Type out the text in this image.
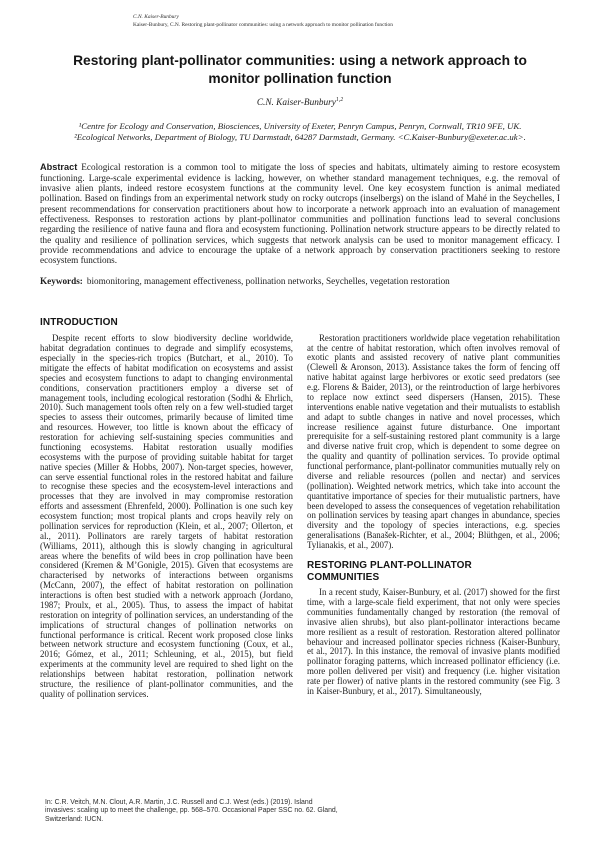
C.N. Kaiser-Bunbury
Kaiser-Bunbury, C.N. Restoring plant-pollinator communities: using a network approach to monitor pollination function
Restoring plant-pollinator communities: using a network approach to monitor pollination function
C.N. Kaiser-Bunbury$^{1,2}$
¹Centre for Ecology and Conservation, Biosciences, University of Exeter, Penryn Campus, Penryn, Cornwall, TR10 9FE, UK. ²Ecological Networks, Department of Biology, TU Darmstadt, 64287 Darmstadt, Germany. <C.Kaiser-Bunbury@exeter.ac.uk>.
Abstract Ecological restoration is a common tool to mitigate the loss of species and habitats, ultimately aiming to restore ecosystem functioning. Large-scale experimental evidence is lacking, however, on whether standard management techniques, e.g. the removal of invasive alien plants, indeed restore ecosystem functions at the community level. One key ecosystem function is animal mediated pollination. Based on findings from an experimental network study on rocky outcrops (inselbergs) on the island of Mahé in the Seychelles, I present recommendations for conservation practitioners about how to incorporate a network approach into an evaluation of management effectiveness. Responses to restoration actions by plant-pollinator communities and pollination functions lead to several conclusions regarding the resilience of native fauna and flora and ecosystem functioning. Pollination network structure appears to be directly related to the quality and resilience of pollination services, which suggests that network analysis can be used to monitor management efficacy. I provide recommendations and advice to encourage the uptake of a network approach by conservation practitioners seeking to restore ecosystem functions.
Keywords: biomonitoring, management effectiveness, pollination networks, Seychelles, vegetation restoration
INTRODUCTION

Despite recent efforts to slow biodiversity decline worldwide, habitat degradation continues to degrade and simplify ecosystems, especially in the species-rich tropics (Butchart, et al., 2010). To mitigate the effects of habitat modification on ecosystems and assist species and ecosystem functions to adapt to changing environmental conditions, conservation practitioners employ a diverse set of management tools, including ecological restoration (Sodhi & Ehrlich, 2010). Such management tools often rely on a few well-studied target species to assess their outcomes, primarily because of limited time and resources. However, too little is known about the efficacy of restoration for achieving self-sustaining species communities and functioning ecosystems. Habitat restoration usually modifies ecosystems with the purpose of providing suitable habitat for target native species (Miller & Hobbs, 2007). Non-target species, however, can serve essential functional roles in the restored habitat and failure to recognise these species and the ecosystem-level interactions and processes that they are involved in may compromise restoration efforts and assessment (Ehrenfeld, 2000). Pollination is one such key ecosystem function; most tropical plants and crops heavily rely on pollination services for reproduction (Klein, et al., 2007; Ollerton, et al., 2011). Pollinators are rarely targets of habitat restoration (Williams, 2011), although this is slowly changing in agricultural areas where the benefits of wild bees in crop pollination have been considered (Kremen & M’Gonigle, 2015). Given that ecosystems are characterised by networks of interactions between organisms (McCann, 2007), the effect of habitat restoration on pollination interactions is often best studied with a network approach (Jordano, 1987; Proulx, et al., 2005). Thus, to assess the impact of habitat restoration on integrity of pollination services, an understanding of the implications of structural changes of pollination networks on functional performance is critical. Recent work proposed close links between network structure and ecosystem functioning (Coux, et al., 2016; Gómez, et al., 2011; Schleuning, et al., 2015), but field experiments at the community level are required to shed light on the relationships between habitat restoration, pollination network structure, the resilience of plant-pollinator communities, and the quality of pollination services.

Restoration practitioners worldwide place vegetation rehabilitation at the centre of habitat restoration, which often involves removal of exotic plants and assisted recovery of native plant communities (Clewell & Aronson, 2013). Assistance takes the form of fencing off native habitat against large herbivores or exotic seed predators (see e.g. Florens & Baider, 2013), or the reintroduction of large herbivores to replace now extinct seed dispersers (Hansen, 2015). These interventions enable native vegetation and their mutualists to establish and adapt to subtle changes in native and novel processes, which increase resilience against future disturbance. One important prerequisite for a self-sustaining restored plant community is a large and diverse native fruit crop, which is dependent to some degree on the quality and quantity of pollination services. To provide optimal functional performance, plant-pollinator communities mutually rely on diverse and reliable resources (pollen and nectar) and services (pollination). Weighted network metrics, which take into account the quantitative importance of species for their mutualistic partners, have been developed to assess the consequences of vegetation rehabilitation on pollination services by teasing apart changes in abundance, species diversity and the topology of species interactions, e.g. species generalisations (Banašek-Richter, et al., 2004; Blüthgen, et al., 2006; Tylianakis, et al., 2007).

RESTORING PLANT-POLLINATOR COMMUNITIES

In a recent study, Kaiser-Bunbury, et al. (2017) showed for the first time, with a large-scale field experiment, that not only were species communities fundamentally changed by restoration (the removal of invasive alien shrubs), but also plant-pollinator interactions became more resilient as a result of restoration. Restoration altered pollinator behaviour and increased pollinator species richness (Kaiser-Bunbury, et al., 2017). In this instance, the removal of invasive plants modified pollinator foraging patterns, which increased pollinator efficiency (i.e. more pollen delivered per visit) and frequency (i.e. higher visitation rate per flower) of native plants in the restored community (see Fig. 3 in Kaiser-Bunbury, et al., 2017). Simultaneously,

In: C.R. Veitch, M.N. Clout, A.R. Martin, J.C. Russell and C.J. West (eds.) (2019). Island invasives: scaling up to meet the challenge, pp. 568–570. Occasional Paper SSC no. 62. Gland, Switzerland: IUCN.
